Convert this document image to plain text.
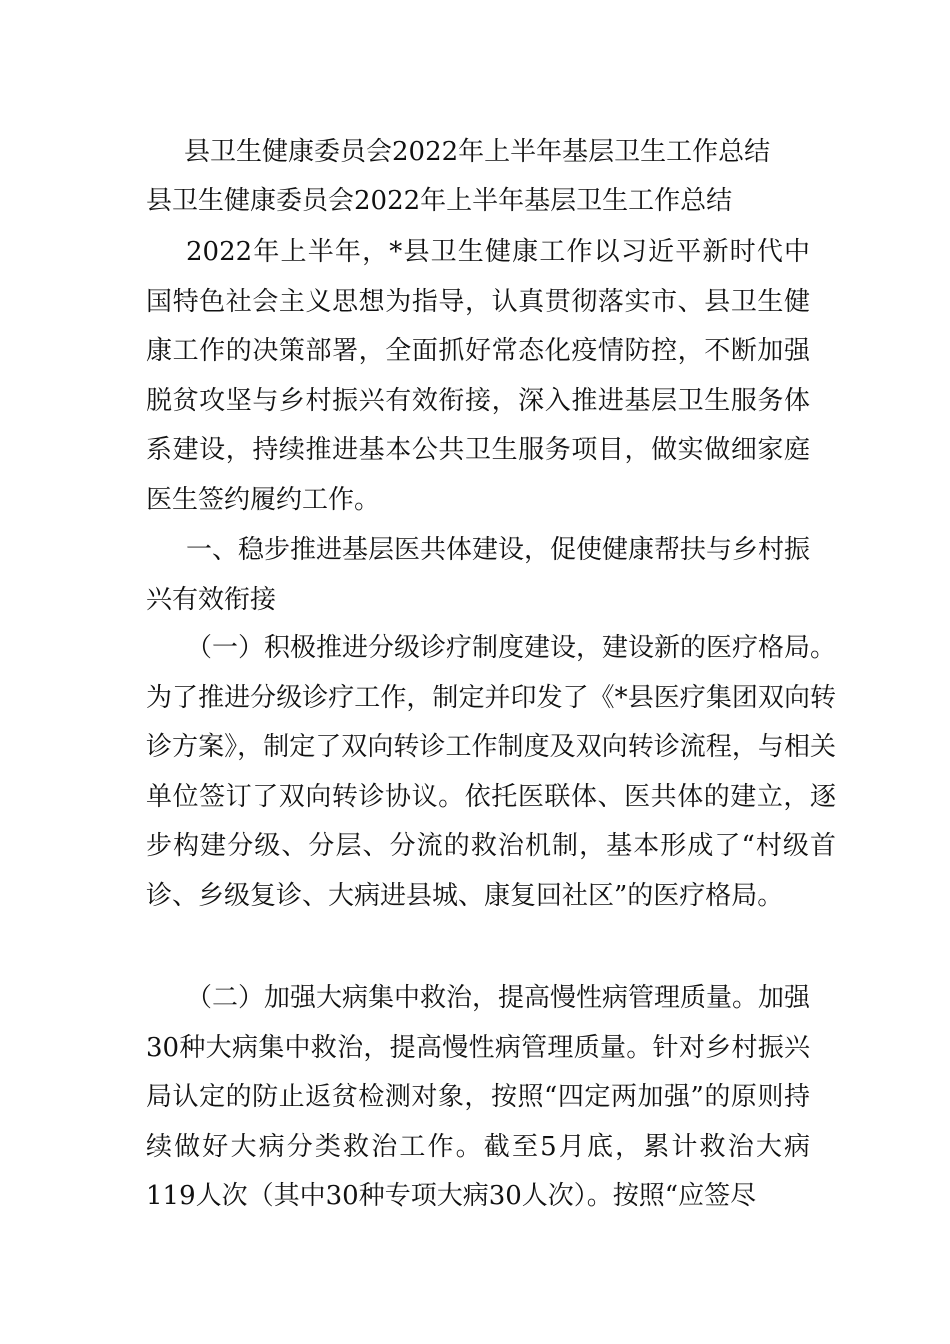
县卫生健康委员会2022年上半年基层卫生工作总结
县卫生健康委员会2022年上半年基层卫生工作总结

2022年上半年，*县卫生健康工作以习近平新时代中国特色社会主义思想为指导，认真贯彻落实市、县卫生健康工作的决策部署，全面抓好常态化疫情防控，不断加强脱贫攻坚与乡村振兴有效衔接，深入推进基层卫生服务体系建设，持续推进基本公共卫生服务项目，做实做细家庭医生签约履约工作。

一、稳步推进基层医共体建设，促使健康帮扶与乡村振兴有效衔接

（一）积极推进分级诊疗制度建设，建设新的医疗格局。为了推进分级诊疗工作，制定并印发了《*县医疗集团双向转诊方案》，制定了双向转诊工作制度及双向转诊流程，与相关单位签订了双向转诊协议。依托医联体、医共体的建立，逐步构建分级、分层、分流的救治机制，基本形成了“村级首诊、乡级复诊、大病进县城、康复回社区”的医疗格局。

（二）加强大病集中救治，提高慢性病管理质量。加强30种大病集中救治，提高慢性病管理质量。针对乡村振兴局认定的防止返贫检测对象，按照“四定两加强”的原则持续做好大病分类救治工作。截至5月底，累计救治大病119人次（其中30种专项大病30人次）。按照“应签尽
